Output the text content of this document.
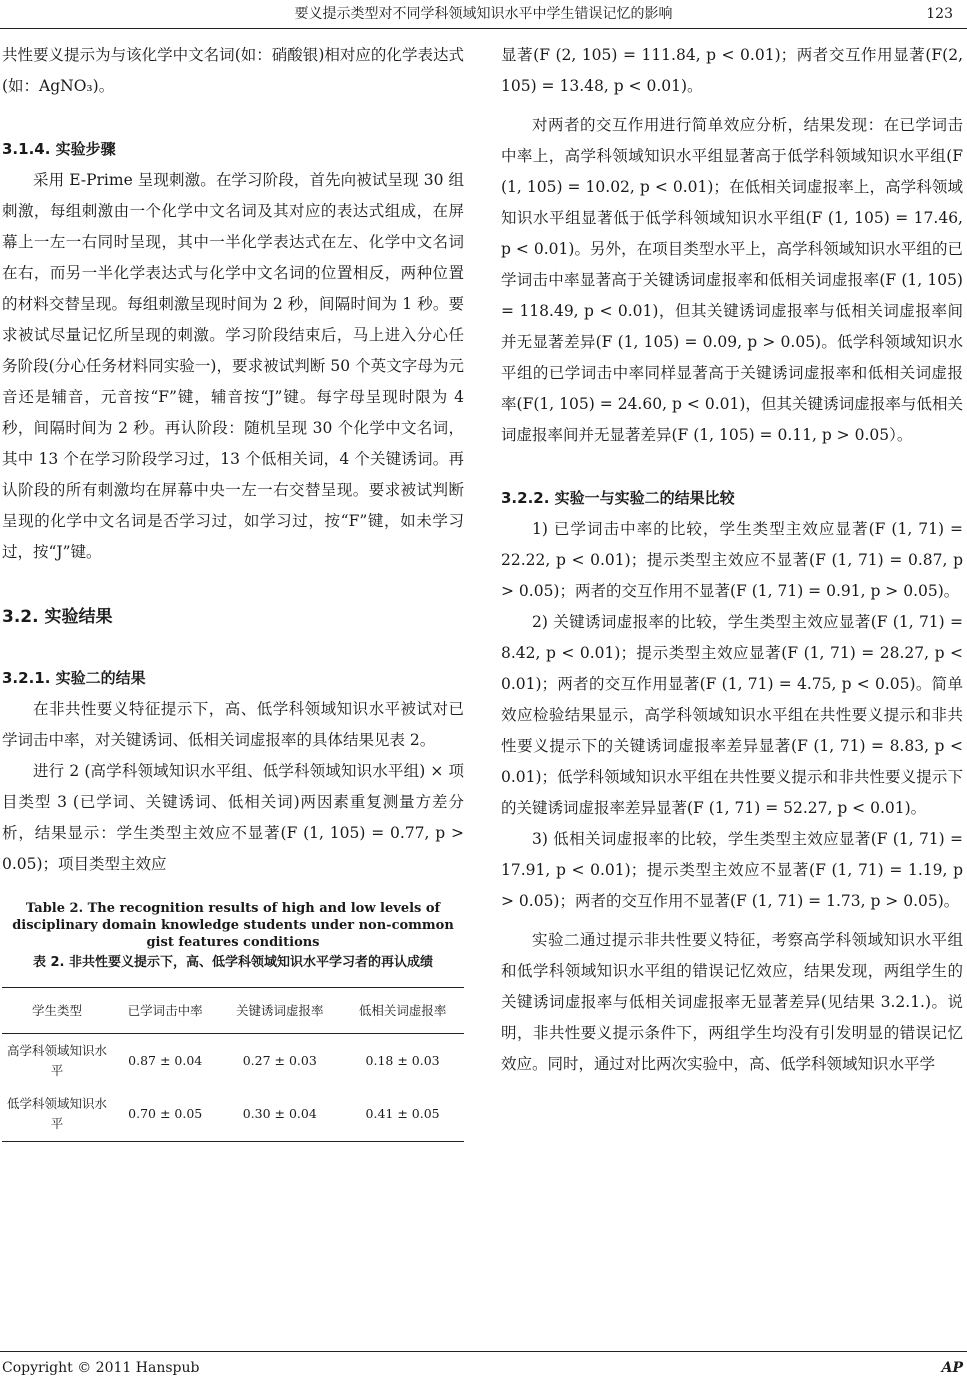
要义提示类型对不同学科领域知识水平中学生错误记忆的影响	123

共性要义提示为与该化学中文名词(如：硝酸银)相对应的化学表达式(如：AgNO₃)。

3.1.4. 实验步骤

采用 E-Prime 呈现刺激。在学习阶段，首先向被试呈现 30 组刺激，每组刺激由一个化学中文名词及其对应的表达式组成，在屏幕上一左一右同时呈现，其中一半化学表达式在左、化学中文名词在右，而另一半化学表达式与化学中文名词的位置相反，两种位置的材料交替呈现。每组刺激呈现时间为 2 秒，间隔时间为 1 秒。要求被试尽量记忆所呈现的刺激。学习阶段结束后，马上进入分心任务阶段(分心任务材料同实验一)，要求被试判断 50 个英文字母为元音还是辅音，元音按“F”键，辅音按“J”键。每字母呈现时限为 4 秒，间隔时间为 2 秒。再认阶段：随机呈现 30 个化学中文名词，其中 13 个在学习阶段学习过，13 个低相关词，4 个关键诱词。再认阶段的所有刺激均在屏幕中央一左一右交替呈现。要求被试判断呈现的化学中文名词是否学习过，如学习过，按“F”键，如未学习过，按“J”键。

3.2. 实验结果

3.2.1. 实验二的结果

在非共性要义特征提示下，高、低学科领域知识水平被试对已学词击中率，对关键诱词、低相关词虚报率的具体结果见表 2。

进行 2 (高学科领域知识水平组、低学科领域知识水平组) × 项目类型 3 (已学词、关键诱词、低相关词)两因素重复测量方差分析，结果显示：学生类型主效应不显著(F (1, 105) = 0.77, p > 0.05)；项目类型主效应

Table 2. The recognition results of high and low levels of disciplinary domain knowledge students under non-common gist features conditions

表 2. 非共性要义提示下，高、低学科领域知识水平学习者的再认成绩

学生类型	已学词击中率	关键诱词虚报率	低相关词虚报率
高学科领域知识水平	0.87 ± 0.04	0.27 ± 0.03	0.18 ± 0.03
低学科领域知识水平	0.70 ± 0.05	0.30 ± 0.04	0.41 ± 0.05

显著(F (2, 105) = 111.84, p < 0.01)；两者交互作用显著(F(2, 105) = 13.48, p < 0.01)。

对两者的交互作用进行简单效应分析，结果发现：在已学词击中率上，高学科领域知识水平组显著高于低学科领域知识水平组(F (1, 105) = 10.02, p < 0.01)；在低相关词虚报率上，高学科领域知识水平组显著低于低学科领域知识水平组(F (1, 105) = 17.46, p < 0.01)。另外，在项目类型水平上，高学科领域知识水平组的已学词击中率显著高于关键诱词虚报率和低相关词虚报率(F (1, 105) = 118.49, p < 0.01)，但其关键诱词虚报率与低相关词虚报率间并无显著差异(F (1, 105) = 0.09, p > 0.05)。低学科领域知识水平组的已学词击中率同样显著高于关键诱词虚报率和低相关词虚报率(F(1, 105) = 24.60, p < 0.01)，但其关键诱词虚报率与低相关词虚报率间并无显著差异(F (1, 105) = 0.11, p > 0.05）。

3.2.2. 实验一与实验二的结果比较

1) 已学词击中率的比较，学生类型主效应显著(F (1, 71) = 22.22, p < 0.01)；提示类型主效应不显著(F (1, 71) = 0.87, p > 0.05)；两者的交互作用不显著(F (1, 71) = 0.91, p > 0.05)。

2) 关键诱词虚报率的比较，学生类型主效应显著(F (1, 71) = 8.42, p < 0.01)；提示类型主效应显著(F (1, 71) = 28.27, p < 0.01)；两者的交互作用显著(F (1, 71) = 4.75, p < 0.05)。简单效应检验结果显示，高学科领域知识水平组在共性要义提示和非共性要义提示下的关键诱词虚报率差异显著(F (1, 71) = 8.83, p < 0.01)；低学科领域知识水平组在共性要义提示和非共性要义提示下的关键诱词虚报率差异显著(F (1, 71) = 52.27, p < 0.01)。

3) 低相关词虚报率的比较，学生类型主效应显著(F (1, 71) = 17.91, p < 0.01)；提示类型主效应不显著(F (1, 71) = 1.19, p > 0.05)；两者的交互作用不显著(F (1, 71) = 1.73, p > 0.05)。

实验二通过提示非共性要义特征，考察高学科领域知识水平组和低学科领域知识水平组的错误记忆效应，结果发现，两组学生的关键诱词虚报率与低相关词虚报率无显著差异(见结果 3.2.1.)。说明，非共性要义提示条件下，两组学生均没有引发明显的错误记忆效应。同时，通过对比两次实验中，高、低学科领域知识水平学

Copyright © 2011 Hanspub	AP
